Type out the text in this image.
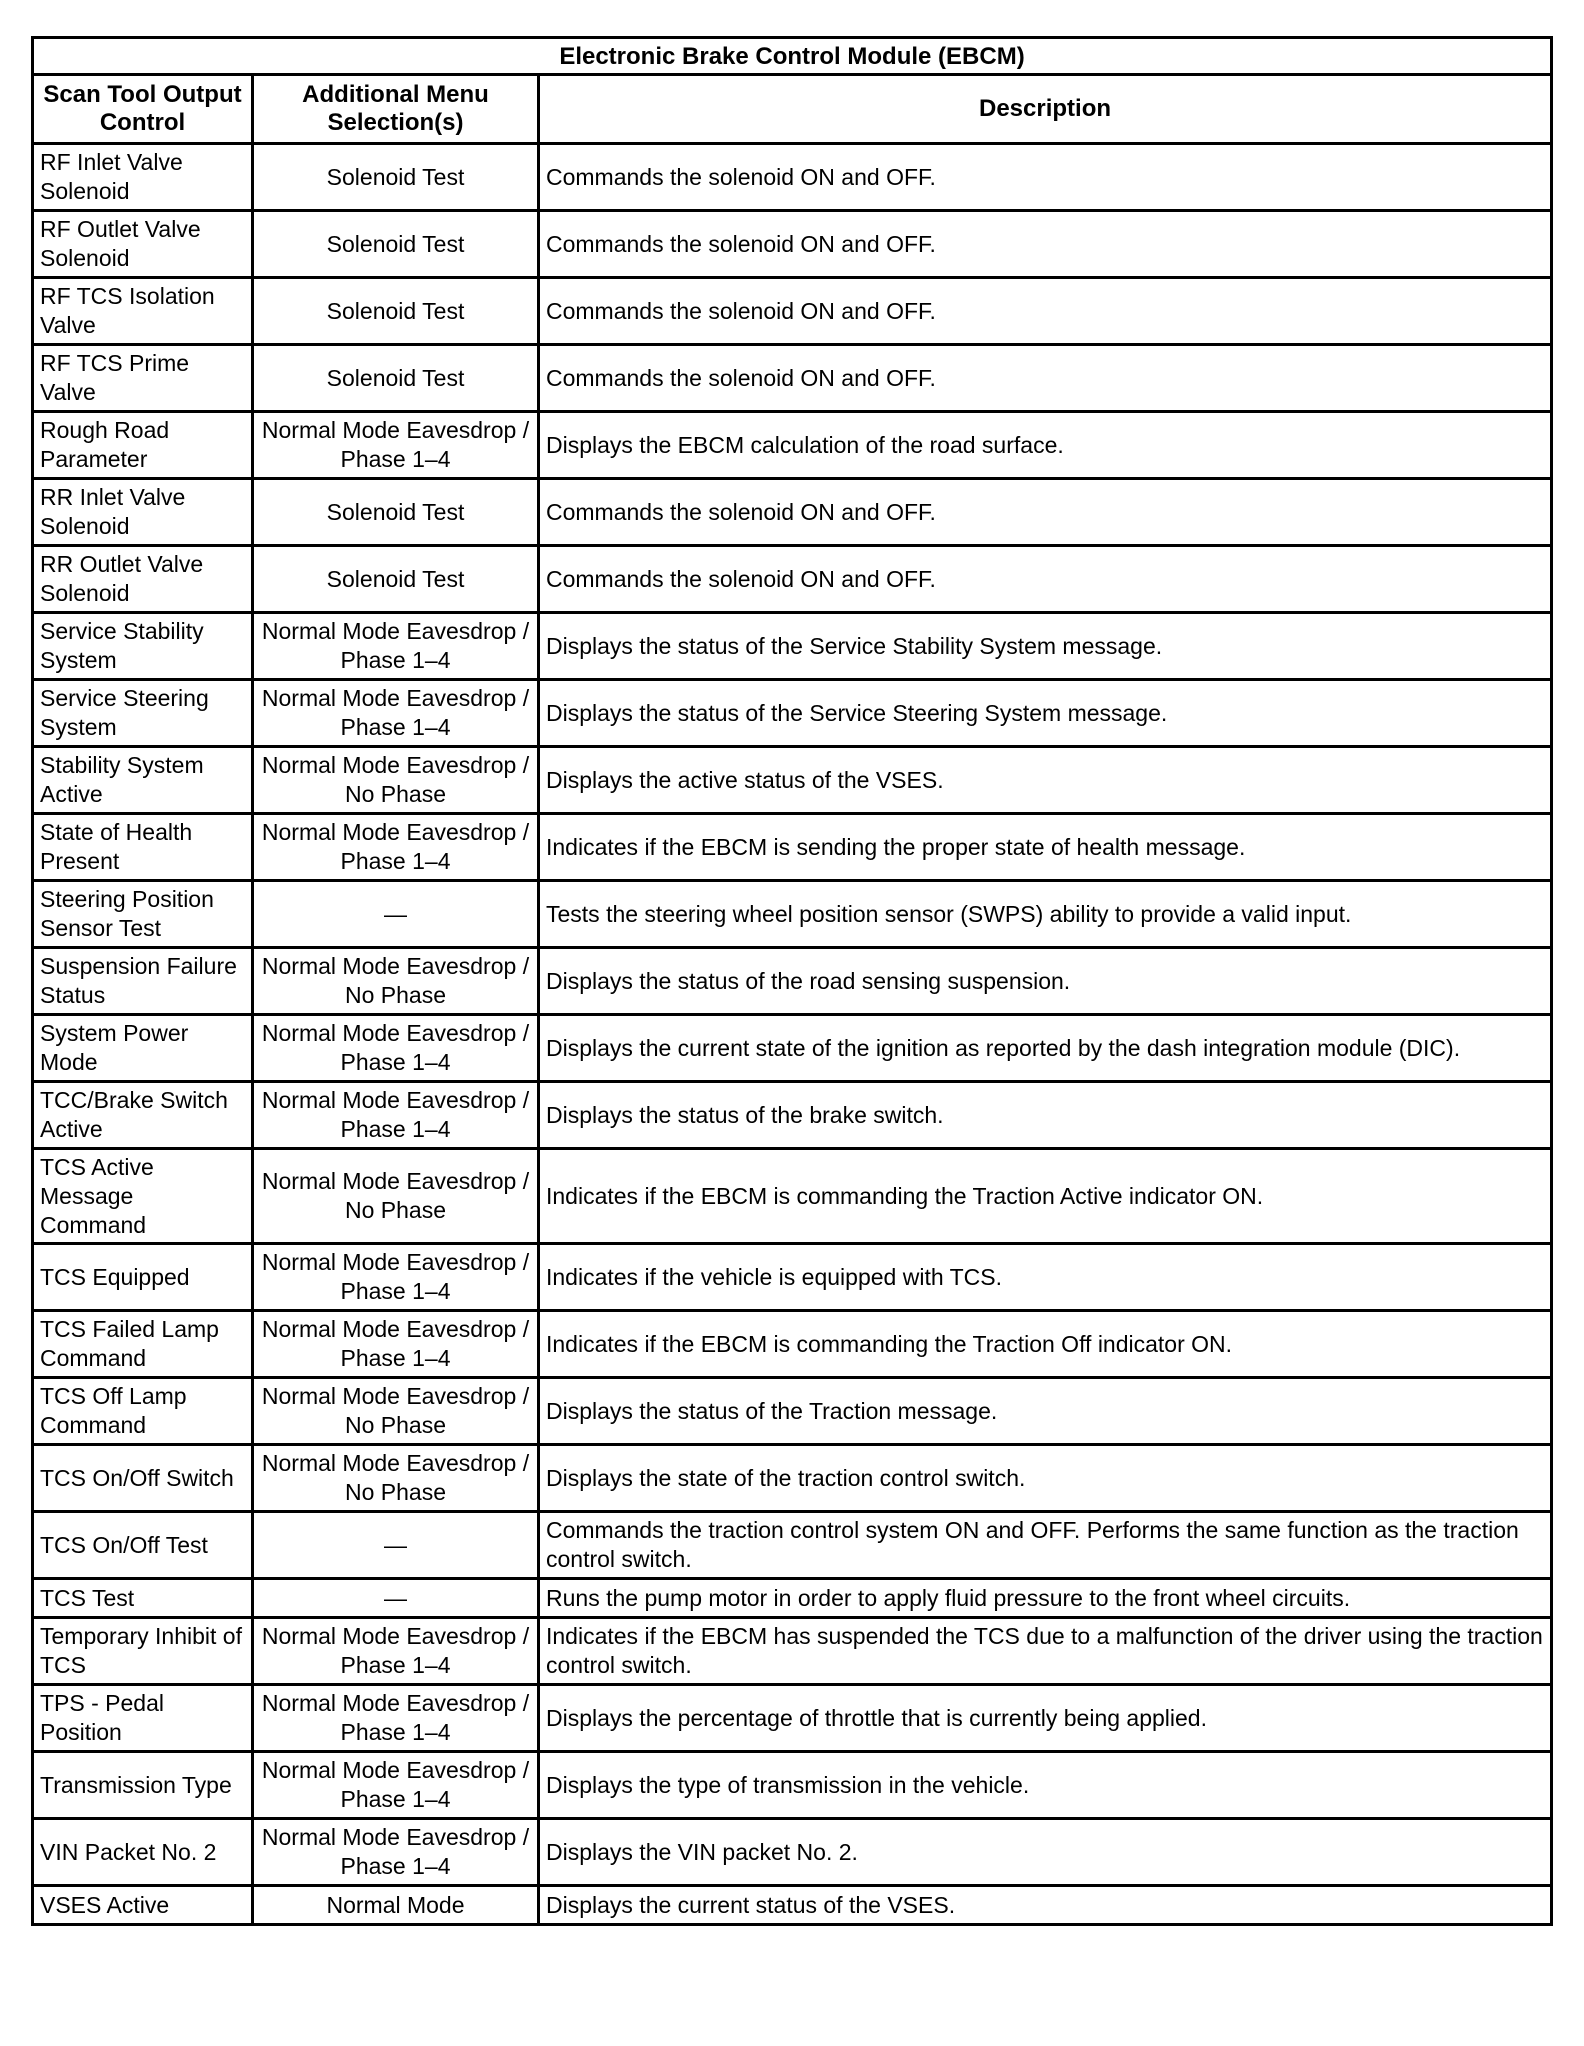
Electronic Brake Control Module (EBCM)		
Scan Tool Output Control	Additional Menu Selection(s)	Description
RF Inlet Valve Solenoid	Solenoid Test	Commands the solenoid ON and OFF.
RF Outlet Valve Solenoid	Solenoid Test	Commands the solenoid ON and OFF.
RF TCS Isolation Valve	Solenoid Test	Commands the solenoid ON and OFF.
RF TCS Prime Valve	Solenoid Test	Commands the solenoid ON and OFF.
Rough Road Parameter	Normal Mode Eavesdrop / Phase 1–4	Displays the EBCM calculation of the road surface.
RR Inlet Valve Solenoid	Solenoid Test	Commands the solenoid ON and OFF.
RR Outlet Valve Solenoid	Solenoid Test	Commands the solenoid ON and OFF.
Service Stability System	Normal Mode Eavesdrop / Phase 1–4	Displays the status of the Service Stability System message.
Service Steering System	Normal Mode Eavesdrop / Phase 1–4	Displays the status of the Service Steering System message.
Stability System Active	Normal Mode Eavesdrop / No Phase	Displays the active status of the VSES.
State of Health Present	Normal Mode Eavesdrop / Phase 1–4	Indicates if the EBCM is sending the proper state of health message.
Steering Position Sensor Test	—	Tests the steering wheel position sensor (SWPS) ability to provide a valid input.
Suspension Failure Status	Normal Mode Eavesdrop / No Phase	Displays the status of the road sensing suspension.
System Power Mode	Normal Mode Eavesdrop / Phase 1–4	Displays the current state of the ignition as reported by the dash integration module (DIC).
TCC/Brake Switch Active	Normal Mode Eavesdrop / Phase 1–4	Displays the status of the brake switch.
TCS Active Message Command	Normal Mode Eavesdrop / No Phase	Indicates if the EBCM is commanding the Traction Active indicator ON.
TCS Equipped	Normal Mode Eavesdrop / Phase 1–4	Indicates if the vehicle is equipped with TCS.
TCS Failed Lamp Command	Normal Mode Eavesdrop / Phase 1–4	Indicates if the EBCM is commanding the Traction Off indicator ON.
TCS Off Lamp Command	Normal Mode Eavesdrop / No Phase	Displays the status of the Traction message.
TCS On/Off Switch	Normal Mode Eavesdrop / No Phase	Displays the state of the traction control switch.
TCS On/Off Test	—	Commands the traction control system ON and OFF. Performs the same function as the traction control switch.
TCS Test	—	Runs the pump motor in order to apply fluid pressure to the front wheel circuits.
Temporary Inhibit of TCS	Normal Mode Eavesdrop / Phase 1–4	Indicates if the EBCM has suspended the TCS due to a malfunction of the driver using the traction control switch.
TPS - Pedal Position	Normal Mode Eavesdrop / Phase 1–4	Displays the percentage of throttle that is currently being applied.
Transmission Type	Normal Mode Eavesdrop / Phase 1–4	Displays the type of transmission in the vehicle.
VIN Packet No. 2	Normal Mode Eavesdrop / Phase 1–4	Displays the VIN packet No. 2.
VSES Active	Normal Mode	Displays the current status of the VSES.
